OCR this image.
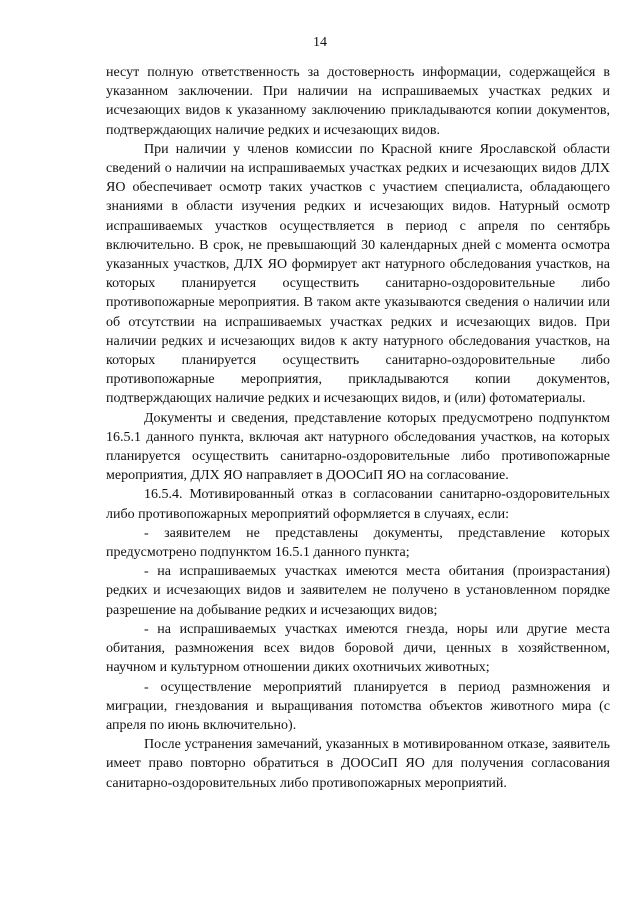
14

несут полную ответственность за достоверность информации, содержащейся в указанном заключении. При наличии на испрашиваемых участках редких и исчезающих видов к указанному заключению прикладываются копии документов, подтверждающих наличие редких и исчезающих видов.

При наличии у членов комиссии по Красной книге Ярославской области сведений о наличии на испрашиваемых участках редких и исчезающих видов ДЛХ ЯО обеспечивает осмотр таких участков с участием специалиста, обладающего знаниями в области изучения редких и исчезающих видов. Натурный осмотр испрашиваемых участков осуществляется в период с апреля по сентябрь включительно. В срок, не превышающий 30 календарных дней с момента осмотра указанных участков, ДЛХ ЯО формирует акт натурного обследования участков, на которых планируется осуществить санитарно-оздоровительные либо противопожарные мероприятия. В таком акте указываются сведения о наличии или об отсутствии на испрашиваемых участках редких и исчезающих видов. При наличии редких и исчезающих видов к акту натурного обследования участков, на которых планируется осуществить санитарно-оздоровительные либо противопожарные мероприятия, прикладываются копии документов, подтверждающих наличие редких и исчезающих видов, и (или) фотоматериалы.

Документы и сведения, представление которых предусмотрено подпунктом 16.5.1 данного пункта, включая акт натурного обследования участков, на которых планируется осуществить санитарно-оздоровительные либо противопожарные мероприятия, ДЛХ ЯО направляет в ДООСиП ЯО на согласование.

16.5.4. Мотивированный отказ в согласовании санитарно-оздоровительных либо противопожарных мероприятий оформляется в случаях, если:

- заявителем не представлены документы, представление которых предусмотрено подпунктом 16.5.1 данного пункта;

- на испрашиваемых участках имеются места обитания (произрастания) редких и исчезающих видов и заявителем не получено в установленном порядке разрешение на добывание редких и исчезающих видов;

- на испрашиваемых участках имеются гнезда, норы или другие места обитания, размножения всех видов боровой дичи, ценных в хозяйственном, научном и культурном отношении диких охотничьих животных;

- осуществление мероприятий планируется в период размножения и миграции, гнездования и выращивания потомства объектов животного мира (с апреля по июнь включительно).

После устранения замечаний, указанных в мотивированном отказе, заявитель имеет право повторно обратиться в ДООСиП ЯО для получения согласования санитарно-оздоровительных либо противопожарных мероприятий.
